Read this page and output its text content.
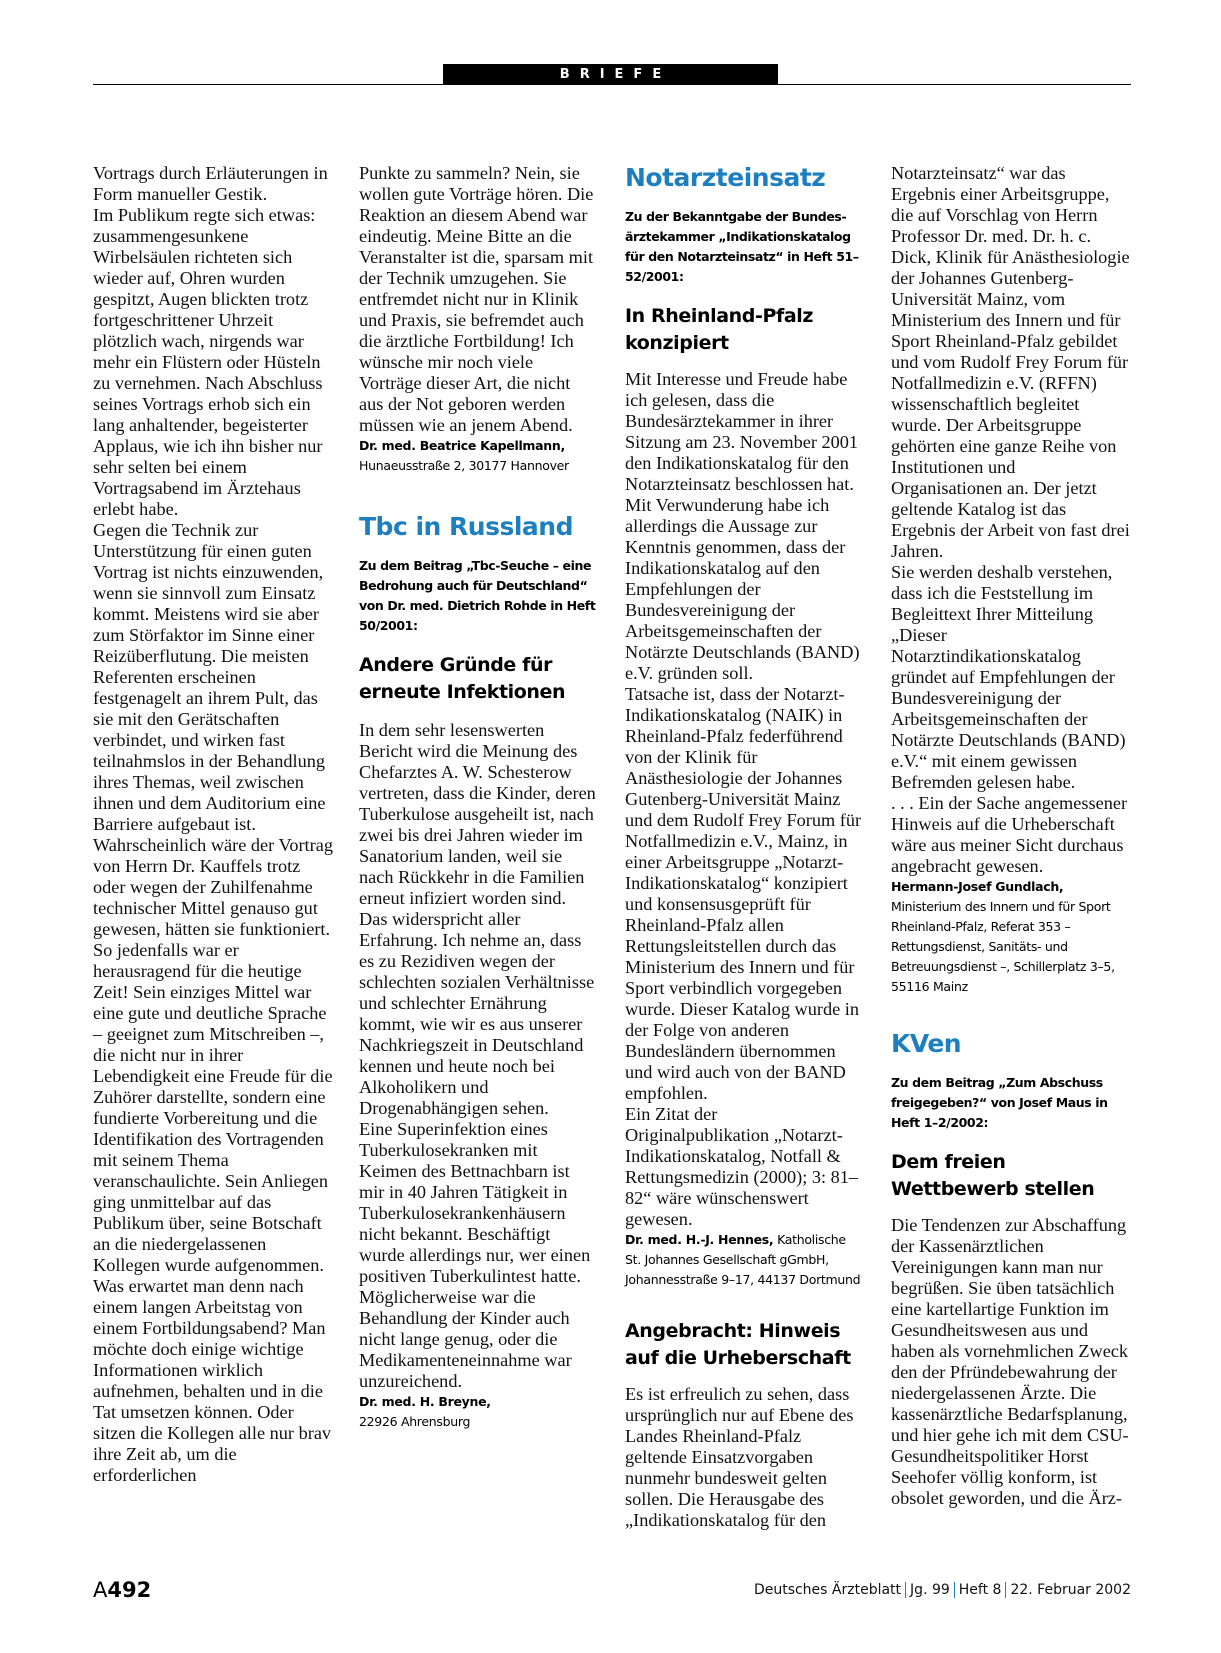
BRIEFE

Vortrags durch Erläuterungen in Form manueller Gestik.

Im Publikum regte sich etwas: zusammengesunkene Wirbelsäulen richteten sich wieder auf, Ohren wurden gespitzt, Augen blickten trotz fortgeschrittener Uhrzeit plötzlich wach, nirgends war mehr ein Flüstern oder Hüsteln zu vernehmen. Nach Abschluss seines Vortrags erhob sich ein lang anhaltender, begeisterter Applaus, wie ich ihn bisher nur sehr selten bei einem Vortragsabend im Ärztehaus erlebt habe.

Gegen die Technik zur Unterstützung für einen guten Vortrag ist nichts einzuwenden, wenn sie sinnvoll zum Einsatz kommt. Meistens wird sie aber zum Störfaktor im Sinne einer Reizüberflutung. Die meisten Referenten erscheinen festgenagelt an ihrem Pult, das sie mit den Gerätschaften verbindet, und wirken fast teilnahmslos in der Behandlung ihres Themas, weil zwischen ihnen und dem Auditorium eine Barriere aufgebaut ist. Wahrscheinlich wäre der Vortrag von Herrn Dr. Kauffels trotz oder wegen der Zuhilfenahme technischer Mittel genauso gut gewesen, hätten sie funktioniert. So jedenfalls war er herausragend für die heutige Zeit! Sein einziges Mittel war eine gute und deutliche Sprache – geeignet zum Mitschreiben –, die nicht nur in ihrer Lebendigkeit eine Freude für die Zuhörer darstellte, sondern eine fundierte Vorbereitung und die Identifikation des Vortragenden mit seinem Thema veranschaulichte. Sein Anliegen ging unmittelbar auf das Publikum über, seine Botschaft an die niedergelassenen Kollegen wurde aufgenommen.

Was erwartet man denn nach einem langen Arbeitstag von einem Fortbildungsabend? Man möchte doch einige wichtige Informationen wirklich aufnehmen, behalten und in die Tat umsetzen können. Oder sitzen die Kollegen alle nur brav ihre Zeit ab, um die erforderlichen

Punkte zu sammeln? Nein, sie wollen gute Vorträge hören. Die Reaktion an diesem Abend war eindeutig. Meine Bitte an die Veranstalter ist die, sparsam mit der Technik umzugehen. Sie entfremdet nicht nur in Klinik und Praxis, sie befremdet auch die ärztliche Fortbildung! Ich wünsche mir noch viele Vorträge dieser Art, die nicht aus der Not geboren werden müssen wie an jenem Abend.

Dr. med. Beatrice Kapellmann,

Hunaeusstraße 2, 30177 Hannover

Tbc in Russland

Zu dem Beitrag „Tbc-Seuche – eine Bedrohung auch für Deutschland“ von Dr. med. Dietrich Rohde in Heft 50/2001:

Andere Gründe für erneute Infektionen

In dem sehr lesenswerten Bericht wird die Meinung des Chefarztes A. W. Schesterow vertreten, dass die Kinder, deren Tuberkulose ausgeheilt ist, nach zwei bis drei Jahren wieder im Sanatorium landen, weil sie nach Rückkehr in die Familien erneut infiziert worden sind.

Das widerspricht aller Erfahrung. Ich nehme an, dass es zu Rezidiven wegen der schlechten sozialen Verhältnisse und schlechter Ernährung kommt, wie wir es aus unserer Nachkriegszeit in Deutschland kennen und heute noch bei Alkoholikern und Drogenabhängigen sehen.

Eine Superinfektion eines Tuberkulosekranken mit Keimen des Bettnachbarn ist mir in 40 Jahren Tätigkeit in Tuberkulosekrankenhäusern nicht bekannt. Beschäftigt wurde allerdings nur, wer einen positiven Tuberkulintest hatte.

Möglicherweise war die Behandlung der Kinder auch nicht lange genug, oder die Medikamenteneinnahme war unzureichend.

Dr. med. H. Breyne,

22926 Ahrensburg

Notarzteinsatz

Zu der Bekanntgabe der Bundes-ärztekammer „Indikationskatalog für den Notarzteinsatz“ in Heft 51–52/2001:

In Rheinland-Pfalz konzipiert

Mit Interesse und Freude habe ich gelesen, dass die Bundesärztekammer in ihrer Sitzung am 23. November 2001 den Indikationskatalog für den Notarzteinsatz beschlossen hat. Mit Verwunderung habe ich allerdings die Aussage zur Kenntnis genommen, dass der Indikationskatalog auf den Empfehlungen der Bundesvereinigung der Arbeitsgemeinschaften der Notärzte Deutschlands (BAND) e.V. gründen soll.

Tatsache ist, dass der Notarzt-Indikationskatalog (NAIK) in Rheinland-Pfalz federführend von der Klinik für Anästhesiologie der Johannes Gutenberg-Universität Mainz und dem Rudolf Frey Forum für Notfallmedizin e.V., Mainz, in einer Arbeitsgruppe „Notarzt-Indikationskatalog“ konzipiert und konsensusgeprüft für Rheinland-Pfalz allen Rettungsleitstellen durch das Ministerium des Innern und für Sport verbindlich vorgegeben wurde. Dieser Katalog wurde in der Folge von anderen Bundesländern übernommen und wird auch von der BAND empfohlen.

Ein Zitat der Originalpublikation „Notarzt-Indikationskatalog, Notfall & Rettungsmedizin (2000); 3: 81–82“ wäre wünschenswert gewesen.

Dr. med. H.-J. Hennes, Katholische St. Johannes Gesellschaft gGmbH, Johannesstraße 9–17, 44137 Dortmund

Angebracht: Hinweis auf die Urheberschaft

Es ist erfreulich zu sehen, dass ursprünglich nur auf Ebene des Landes Rheinland-Pfalz geltende Einsatzvorgaben nunmehr bundesweit gelten sollen. Die Herausgabe des „Indikationskatalog für den

Notarzteinsatz“ war das Ergebnis einer Arbeitsgruppe, die auf Vorschlag von Herrn Professor Dr. med. Dr. h. c. Dick, Klinik für Anästhesiologie der Johannes Gutenberg-Universität Mainz, vom Ministerium des Innern und für Sport Rheinland-Pfalz gebildet und vom Rudolf Frey Forum für Notfallmedizin e.V. (RFFN) wissenschaftlich begleitet wurde. Der Arbeitsgruppe gehörten eine ganze Reihe von Institutionen und Organisationen an. Der jetzt geltende Katalog ist das Ergebnis der Arbeit von fast drei Jahren.

Sie werden deshalb verstehen, dass ich die Feststellung im Begleittext Ihrer Mitteilung „Dieser Notarztindikationskatalog gründet auf Empfehlungen der Bundesvereinigung der Arbeitsgemeinschaften der Notärzte Deutschlands (BAND) e.V.“ mit einem gewissen Befremden gelesen habe.

. . . Ein der Sache angemessener Hinweis auf die Urheberschaft wäre aus meiner Sicht durchaus angebracht gewesen.

Hermann-Josef Gundlach,

Ministerium des Innern und für Sport Rheinland-Pfalz, Referat 353 – Rettungsdienst, Sanitäts- und Betreuungsdienst –, Schillerplatz 3–5, 55116 Mainz

KVen

Zu dem Beitrag „Zum Abschuss freigegeben?“ von Josef Maus in Heft 1–2/2002:

Dem freien Wettbewerb stellen

Die Tendenzen zur Abschaffung der Kassenärztlichen Vereinigungen kann man nur begrüßen. Sie üben tatsächlich eine kartellartige Funktion im Gesundheitswesen aus und haben als vornehmlichen Zweck den der Pfründebewahrung der niedergelassenen Ärzte. Die kassenärztliche Bedarfsplanung, und hier gehe ich mit dem CSU-Gesundheitspolitiker Horst Seehofer völlig konform, ist obsolet geworden, und die Ärz-

A492	Deutsches Ärzteblatt Jg. 99 Heft 8 22. Februar 2002
